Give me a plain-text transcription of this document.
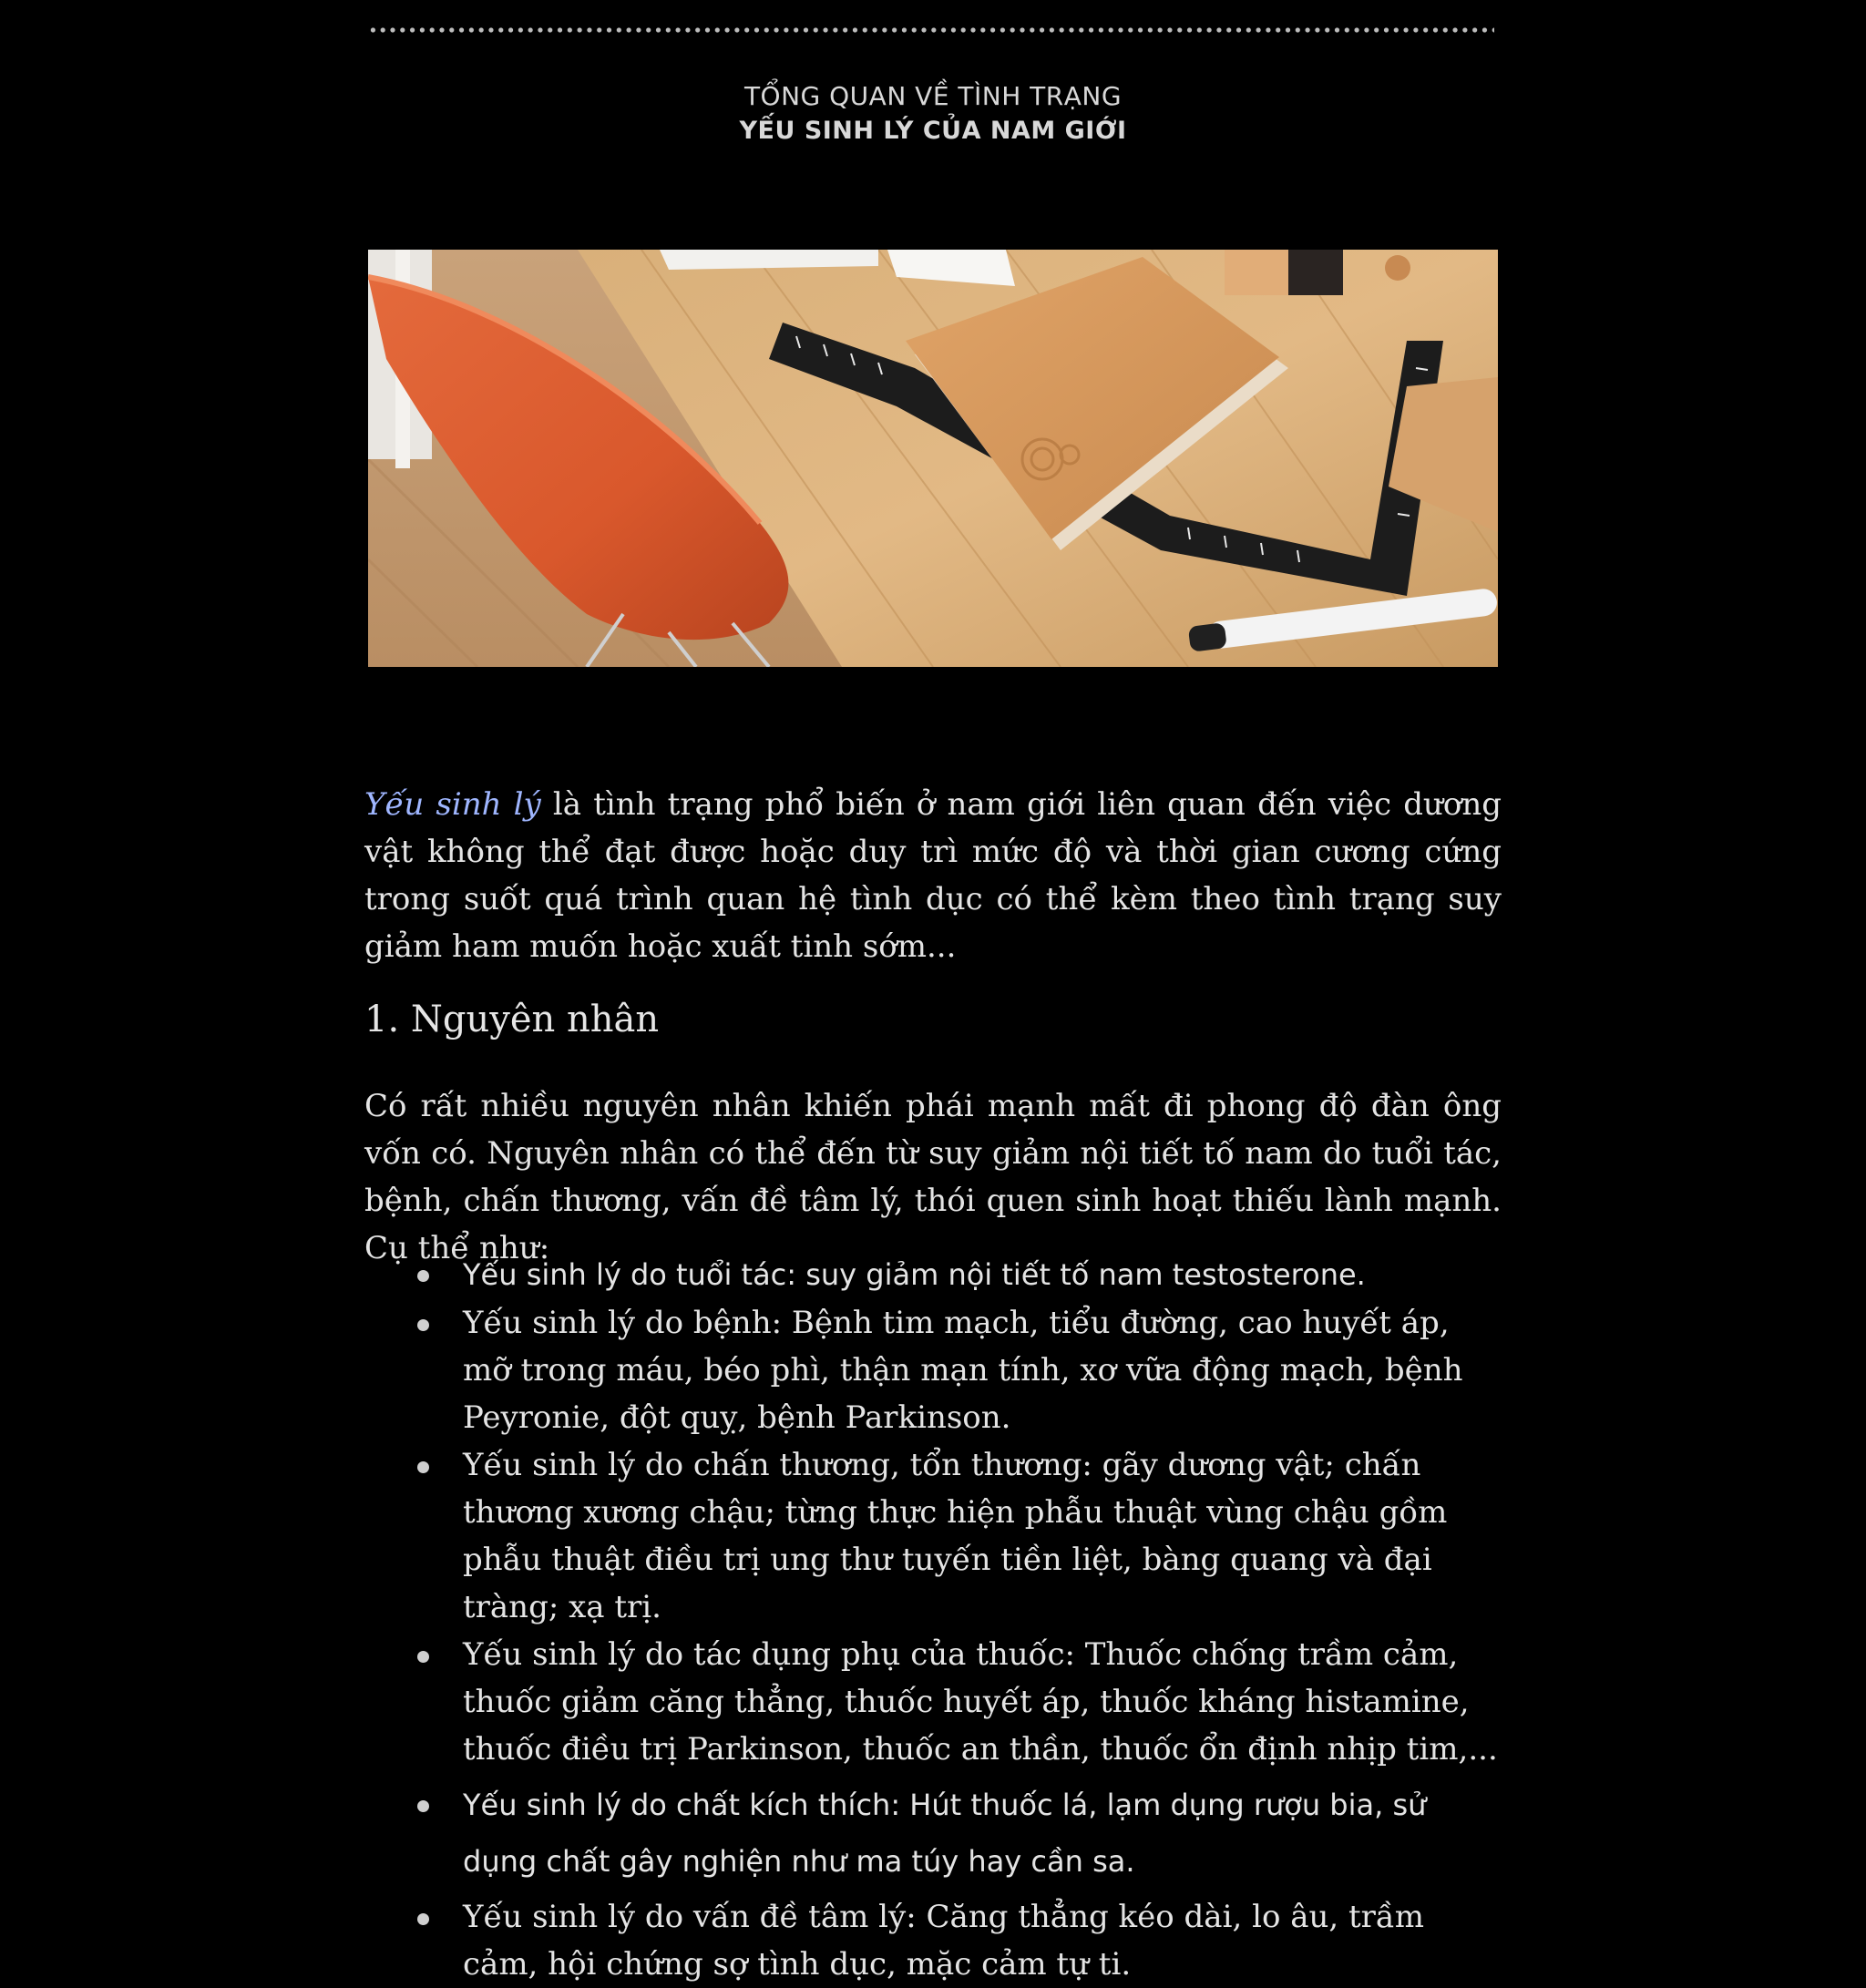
TỔNG QUAN VỀ TÌNH TRẠNG
YẾU SINH LÝ CỦA NAM GIỚI
Yếu sinh lý là tình trạng phổ biến ở nam giới liên quan đến việc dương vật không thể đạt được hoặc duy trì mức độ và thời gian cương cứng trong suốt quá trình quan hệ tình dục có thể kèm theo tình trạng suy giảm ham muốn hoặc xuất tinh sớm...
1. Nguyên nhân
Có rất nhiều nguyên nhân khiến phái mạnh mất đi phong độ đàn ông vốn có. Nguyên nhân có thể đến từ suy giảm nội tiết tố nam do tuổi tác, bệnh, chấn thương, vấn đề tâm lý, thói quen sinh hoạt thiếu lành mạnh. Cụ thể như:
Yếu sinh lý do tuổi tác: suy giảm nội tiết tố nam testosterone.
Yếu sinh lý do bệnh: Bệnh tim mạch, tiểu đường, cao huyết áp, mỡ trong máu, béo phì, thận mạn tính, xơ vữa động mạch, bệnh Peyronie, đột quỵ, bệnh Parkinson.
Yếu sinh lý do chấn thương, tổn thương: gãy dương vật; chấn thương xương chậu; từng thực hiện phẫu thuật vùng chậu gồm phẫu thuật điều trị ung thư tuyến tiền liệt, bàng quang và đại tràng; xạ trị.
Yếu sinh lý do tác dụng phụ của thuốc: Thuốc chống trầm cảm, thuốc giảm căng thẳng, thuốc huyết áp, thuốc kháng histamine, thuốc điều trị Parkinson, thuốc an thần, thuốc ổn định nhịp tim,...
Yếu sinh lý do chất kích thích: Hút thuốc lá, lạm dụng rượu bia, sử dụng chất gây nghiện như ma túy hay cần sa.
Yếu sinh lý do vấn đề tâm lý: Căng thẳng kéo dài, lo âu, trầm cảm, hội chứng sợ tình dục, mặc cảm tự ti.
